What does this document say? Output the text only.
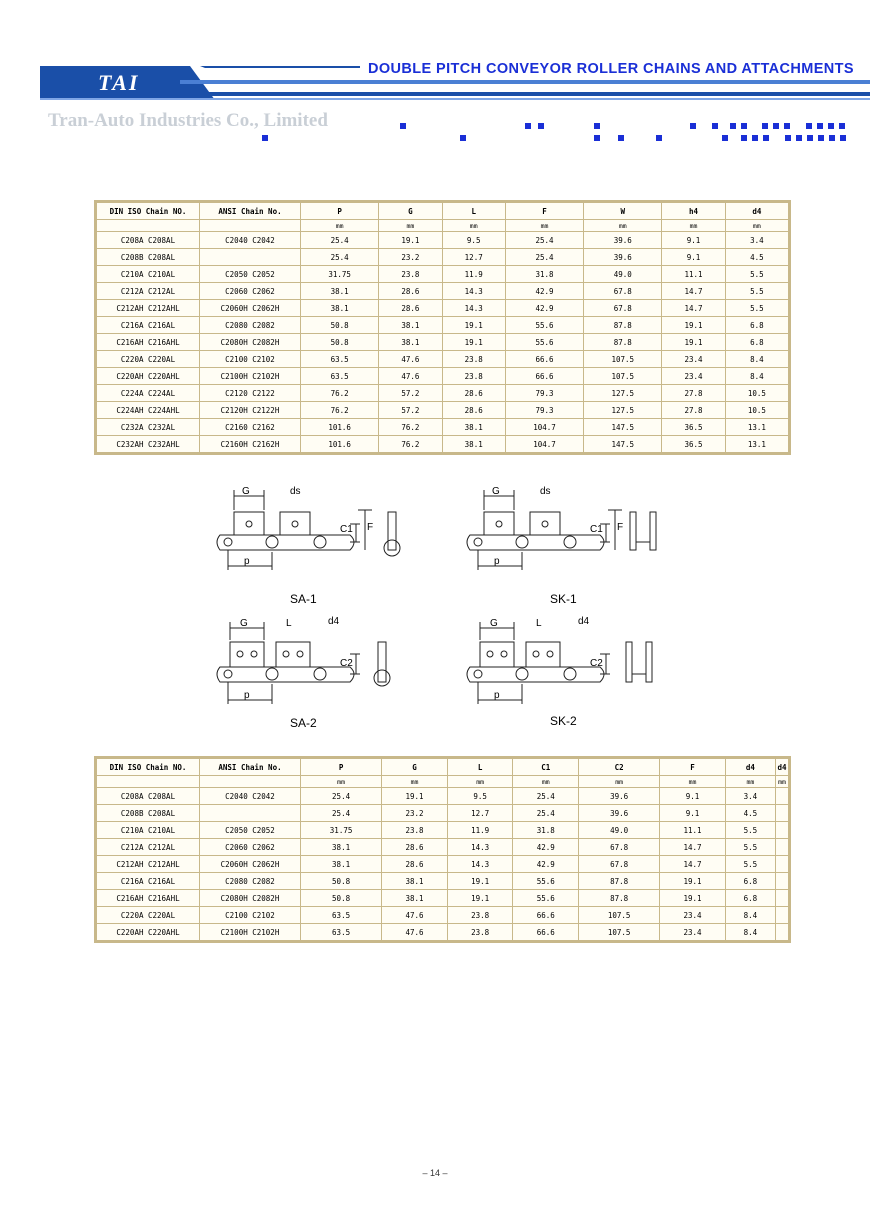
TAI
DOUBLE PITCH CONVEYOR ROLLER CHAINS AND ATTACHMENTS
Tran-Auto Industries Co., Limited
DIN ISO Chain NO.	ANSI Chain No.	P	G	L	F	W	h4	d4
		mm	mm	mm	mm	mm	mm	mm
C208A C208AL	C2040 C2042	25.4	19.1	9.5	25.4	39.6	9.1	3.4
C208B C208AL		25.4	23.2	12.7	25.4	39.6	9.1	4.5
C210A C210AL	C2050 C2052	31.75	23.8	11.9	31.8	49.0	11.1	5.5
C212A C212AL	C2060 C2062	38.1	28.6	14.3	42.9	67.8	14.7	5.5
C212AH C212AHL	C2060H C2062H	38.1	28.6	14.3	42.9	67.8	14.7	5.5
C216A C216AL	C2080 C2082	50.8	38.1	19.1	55.6	87.8	19.1	6.8
C216AH C216AHL	C2080H C2082H	50.8	38.1	19.1	55.6	87.8	19.1	6.8
C220A C220AL	C2100 C2102	63.5	47.6	23.8	66.6	107.5	23.4	8.4
C220AH C220AHL	C2100H C2102H	63.5	47.6	23.8	66.6	107.5	23.4	8.4
C224A C224AL	C2120 C2122	76.2	57.2	28.6	79.3	127.5	27.8	10.5
C224AH C224AHL	C2120H C2122H	76.2	57.2	28.6	79.3	127.5	27.8	10.5
C232A C232AL	C2160 C2162	101.6	76.2	38.1	104.7	147.5	36.5	13.1
C232AH C232AHL	C2160H C2162H	101.6	76.2	38.1	104.7	147.5	36.5	13.1
G	ds
p
C1 F
G	ds
p
C1 F
G	L	d4
p
C2
G	L	d4
p
C2
SA-1	SK-1
SA-2	SK-2
DIN ISO Chain NO.	ANSI Chain No.	P	G	L	C1	C2	F	d4	d4
		mm	mm	mm	mm	mm	mm	mm	mm
C208A C208AL	C2040 C2042	25.4	19.1	9.5	25.4	39.6	9.1	3.4	
C208B C208AL		25.4	23.2	12.7	25.4	39.6	9.1	4.5	
C210A C210AL	C2050 C2052	31.75	23.8	11.9	31.8	49.0	11.1	5.5	
C212A C212AL	C2060 C2062	38.1	28.6	14.3	42.9	67.8	14.7	5.5	
C212AH C212AHL	C2060H C2062H	38.1	28.6	14.3	42.9	67.8	14.7	5.5	
C216A C216AL	C2080 C2082	50.8	38.1	19.1	55.6	87.8	19.1	6.8	
C216AH C216AHL	C2080H C2082H	50.8	38.1	19.1	55.6	87.8	19.1	6.8	
C220A C220AL	C2100 C2102	63.5	47.6	23.8	66.6	107.5	23.4	8.4	
C220AH C220AHL	C2100H C2102H	63.5	47.6	23.8	66.6	107.5	23.4	8.4	
– 14 –
